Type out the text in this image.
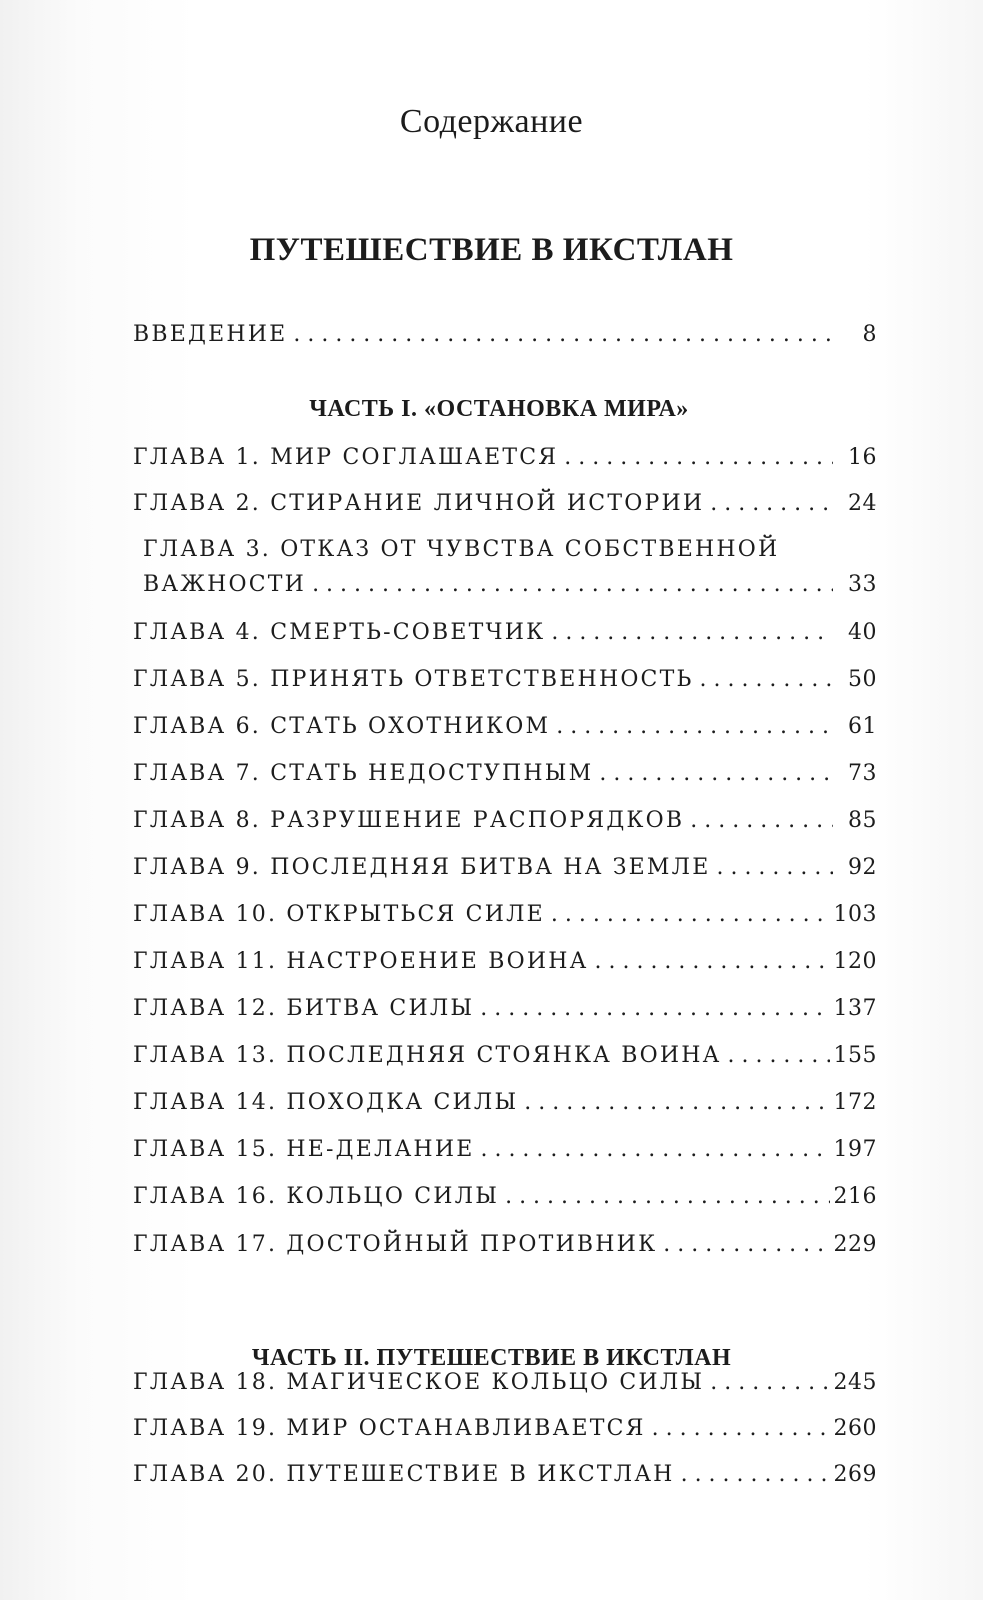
Содержание
ПУТЕШЕСТВИЕ В ИКСТЛАН
ВВЕДЕНИЕ . . .	8
ЧАСТЬ I. «ОСТАНОВКА МИРА»
ГЛАВА 1. МИР СОГЛАШАЕТСЯ . . .	16
ГЛАВА 2. СТИРАНИЕ ЛИЧНОЙ ИСТОРИИ . . .	24
ГЛАВА 3. ОТКАЗ ОТ ЧУВСТВА СОБСТВЕННОЙ
ВАЖНОСТИ . . .	33
ГЛАВА 4. СМЕРТЬ-СОВЕТЧИК . . .	40
ГЛАВА 5. ПРИНЯТЬ ОТВЕТСТВЕННОСТЬ . . .	50
ГЛАВА 6. СТАТЬ ОХОТНИКОМ . . .	61
ГЛАВА 7. СТАТЬ НЕДОСТУПНЫМ . . .	73
ГЛАВА 8. РАЗРУШЕНИЕ РАСПОРЯДКОВ . . .	85
ГЛАВА 9. ПОСЛЕДНЯЯ БИТВА НА ЗЕМЛЕ . . .	92
ГЛАВА 10. ОТКРЫТЬСЯ СИЛЕ . . .	103
ГЛАВА 11. НАСТРОЕНИЕ ВОИНА . . .	120
ГЛАВА 12. БИТВА СИЛЫ . . .	137
ГЛАВА 13. ПОСЛЕДНЯЯ СТОЯНКА ВОИНА . . .	155
ГЛАВА 14. ПОХОДКА СИЛЫ . . .	172
ГЛАВА 15. НЕ-ДЕЛАНИЕ . . .	197
ГЛАВА 16. КОЛЬЦО СИЛЫ . . .	216
ГЛАВА 17. ДОСТОЙНЫЙ ПРОТИВНИК . . .	229
ЧАСТЬ II. ПУТЕШЕСТВИЕ В ИКСТЛАН
ГЛАВА 18. МАГИЧЕСКОЕ КОЛЬЦО СИЛЫ . . .	245
ГЛАВА 19. МИР ОСТАНАВЛИВАЕТСЯ . . .	260
ГЛАВА 20. ПУТЕШЕСТВИЕ В ИКСТЛАН . . .	269
